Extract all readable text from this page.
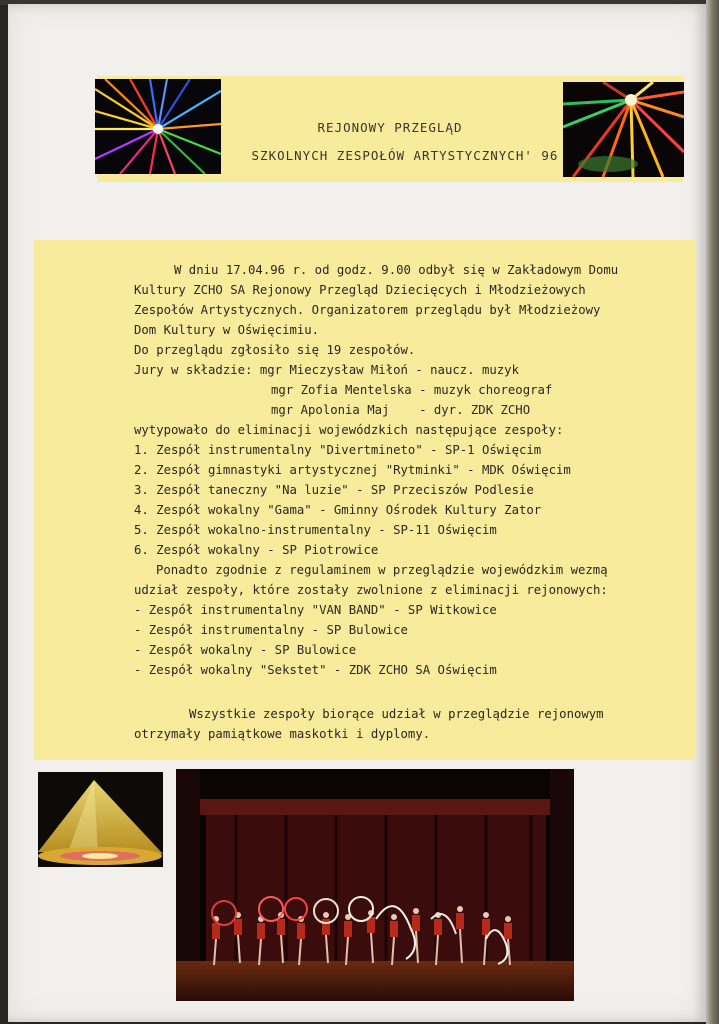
REJONOWY PRZEGLĄD
SZKOLNYCH ZESPOŁÓW ARTYSTYCZNYCH' 96
W dniu 17.04.96 r. od godz. 9.00 odbył się w Zakładowym Domu
Kultury ZCHO SA Rejonowy Przegląd Dziecięcych i Młodzieżowych
Zespołów Artystycznych. Organizatorem przeglądu był Młodzieżowy
Dom Kultury w Oświęcimiu.
Do przeglądu zgłosiło się 19 zespołów.
Jury w składzie: mgr Mieczysław Miłoń - naucz. muzyk
mgr Zofia Mentelska - muzyk choreograf
mgr Apolonia Maj    - dyr. ZDK ZCHO
wytypowało do eliminacji wojewódzkich następujące zespoły:
1. Zespół instrumentalny "Divertmineto" - SP-1 Oświęcim
2. Zespół gimnastyki artystycznej "Rytminki" - MDK Oświęcim
3. Zespół taneczny "Na luzie" - SP Przeciszów Podlesie
4. Zespół wokalny "Gama" - Gminny Ośrodek Kultury Zator
5. Zespół wokalno-instrumentalny - SP-11 Oświęcim
6. Zespół wokalny - SP Piotrowice
Ponadto zgodnie z regulaminem w przeglądzie wojewódzkim wezmą
udział zespoły, które zostały zwolnione z eliminacji rejonowych:
- Zespół instrumentalny "VAN BAND" - SP Witkowice
- Zespół instrumentalny - SP Bulowice
- Zespół wokalny - SP Bulowice
- Zespół wokalny "Sekstet" - ZDK ZCHO SA Oświęcim
Wszystkie zespoły biorące udział w przeglądzie rejonowym
otrzymały pamiątkowe maskotki i dyplomy.
